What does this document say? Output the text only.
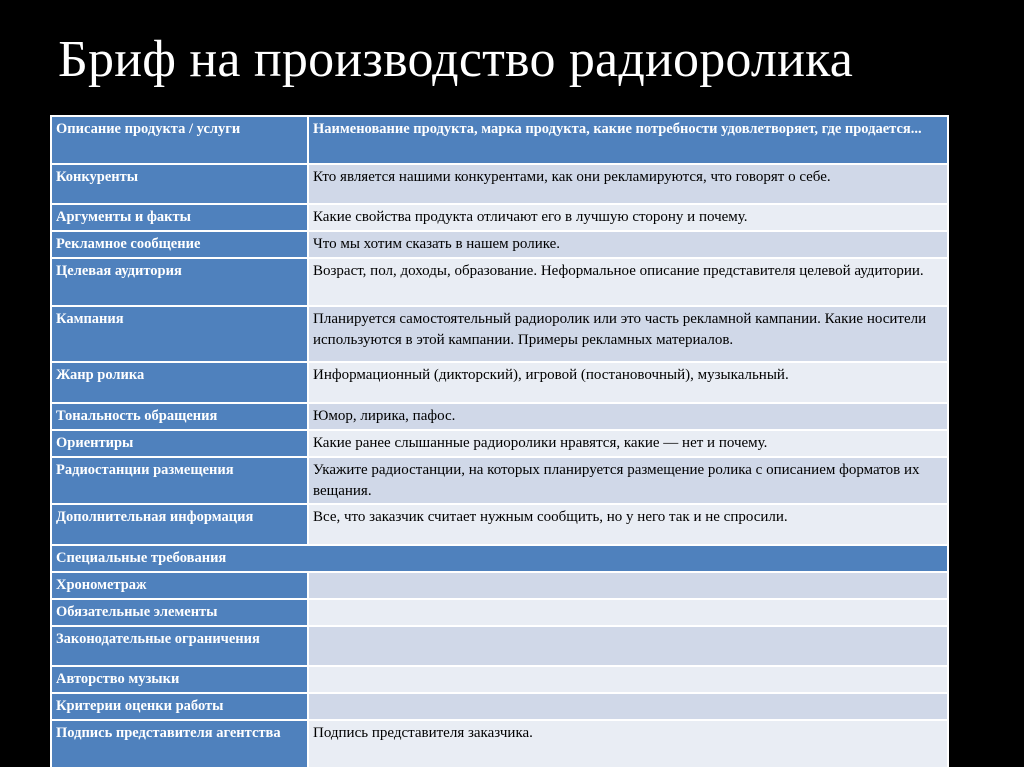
Бриф на производство радиоролика
Описание продукта / услуги	Наименование продукта, марка продукта, какие потребности удовлетворяет, где продается...
Конкуренты	Кто является нашими конкурентами, как они рекламируются, что говорят о себе.
Аргументы и факты	Какие свойства продукта отличают его в лучшую сторону и почему.
Рекламное сообщение	Что мы хотим сказать в нашем ролике.
Целевая аудитория	Возраст, пол, доходы, образование. Неформальное описание представителя целевой аудитории.
Кампания	Планируется самостоятельный радиоролик или это часть рекламной кампании. Какие носители используются в этой кампании. Примеры рекламных материалов.
Жанр ролика	Информационный (дикторский), игровой (постановочный), музыкальный.
Тональность обращения	Юмор, лирика, пафос.
Ориентиры	Какие ранее слышанные радиоролики нравятся, какие — нет и почему.
Радиостанции размещения	Укажите радиостанции, на которых планируется размещение ролика с описанием форматов их вещания.
Дополнительная информация	Все, что заказчик считает нужным сообщить, но у него так и не спросили.
Специальные требования	
Хронометраж	
Обязательные элементы	
Законодательные ограничения	
Авторство музыки	
Критерии оценки работы	
Подпись представителя агентства	Подпись представителя заказчика.
